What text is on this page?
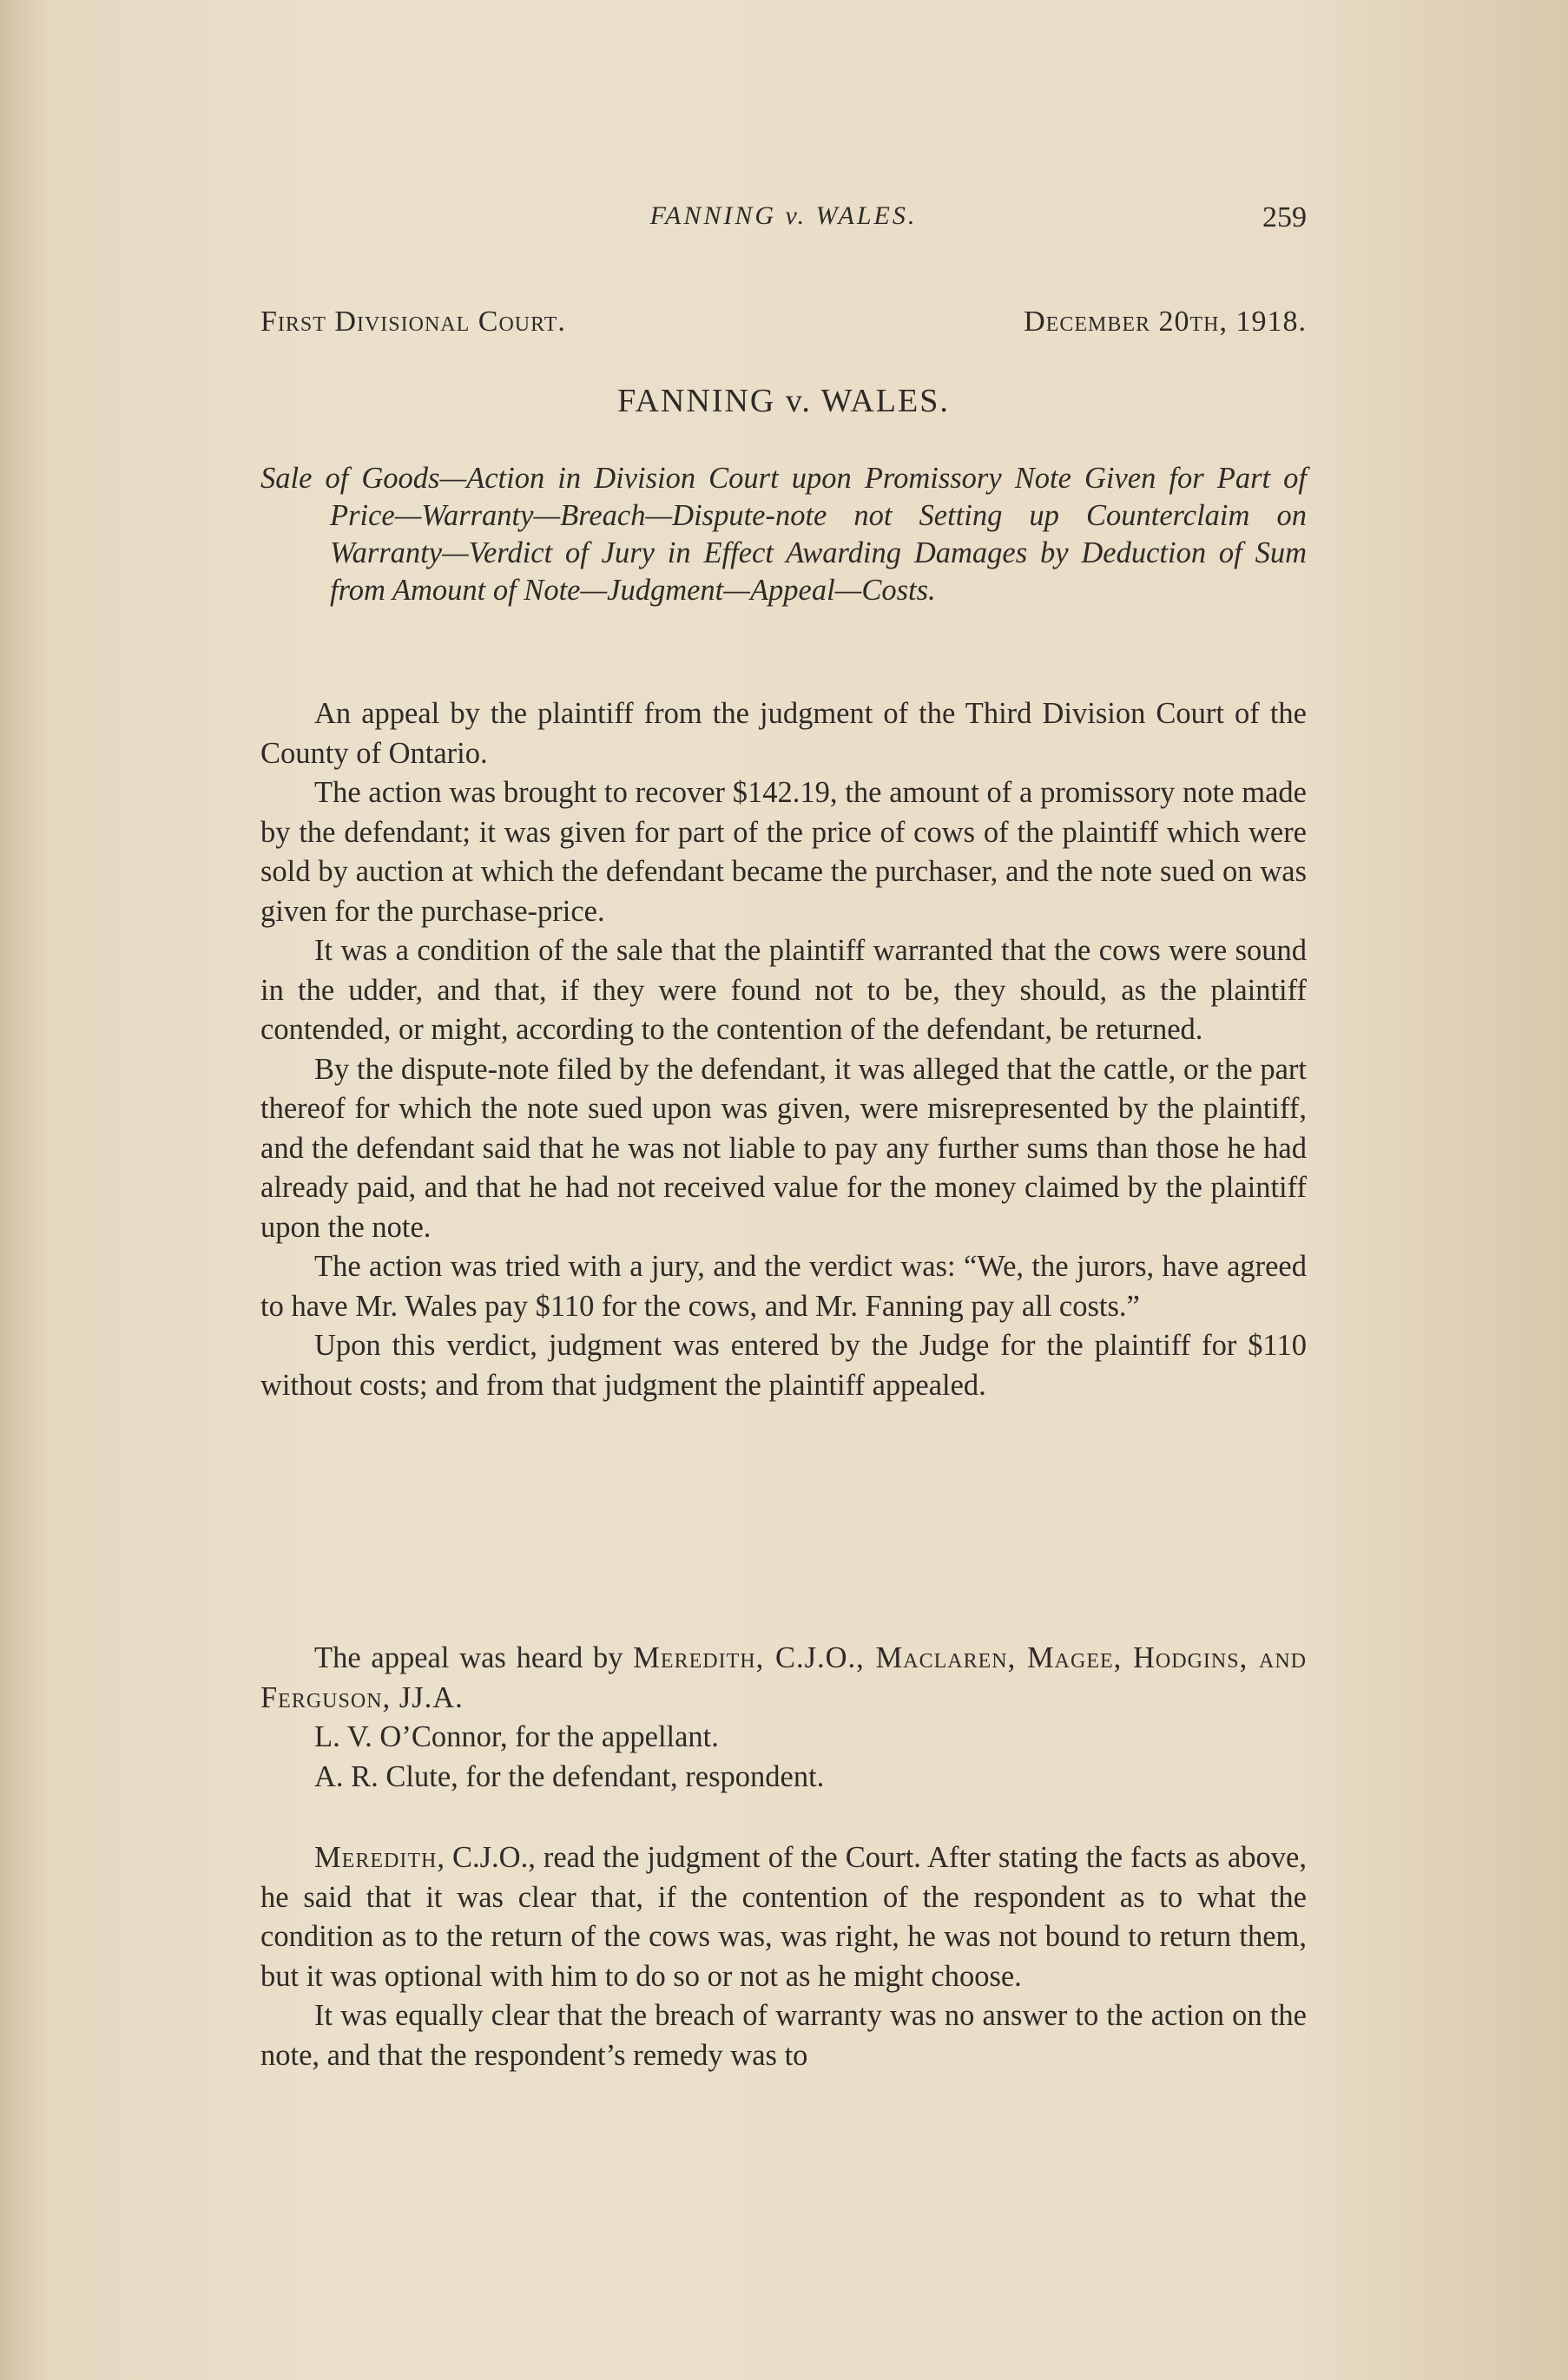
FANNING v. WALES.	259
First Divisional Court.	December 20th, 1918.
FANNING v. WALES.

Sale of Goods—Action in Division Court upon Promissory Note Given for Part of Price—Warranty—Breach—Dispute-note not Setting up Counterclaim on Warranty—Verdict of Jury in Effect Awarding Damages by Deduction of Sum from Amount of Note—Judgment—Appeal—Costs.

An appeal by the plaintiff from the judgment of the Third Division Court of the County of Ontario.

The action was brought to recover $142.19, the amount of a promissory note made by the defendant; it was given for part of the price of cows of the plaintiff which were sold by auction at which the defendant became the purchaser, and the note sued on was given for the purchase-price.

It was a condition of the sale that the plaintiff warranted that the cows were sound in the udder, and that, if they were found not to be, they should, as the plaintiff contended, or might, according to the contention of the defendant, be returned.

By the dispute-note filed by the defendant, it was alleged that the cattle, or the part thereof for which the note sued upon was given, were misrepresented by the plaintiff, and the defendant said that he was not liable to pay any further sums than those he had already paid, and that he had not received value for the money claimed by the plaintiff upon the note.

The action was tried with a jury, and the verdict was: “We, the jurors, have agreed to have Mr. Wales pay $110 for the cows, and Mr. Fanning pay all costs.”

Upon this verdict, judgment was entered by the Judge for the plaintiff for $110 without costs; and from that judgment the plaintiff appealed.

The appeal was heard by Meredith, C.J.O., Maclaren, Magee, Hodgins, and Ferguson, JJ.A.

L. V. O’Connor, for the appellant.

A. R. Clute, for the defendant, respondent.

Meredith, C.J.O., read the judgment of the Court. After stating the facts as above, he said that it was clear that, if the contention of the respondent as to what the condition as to the return of the cows was, was right, he was not bound to return them, but it was optional with him to do so or not as he might choose.

It was equally clear that the breach of warranty was no answer to the action on the note, and that the respondent’s remedy was to
